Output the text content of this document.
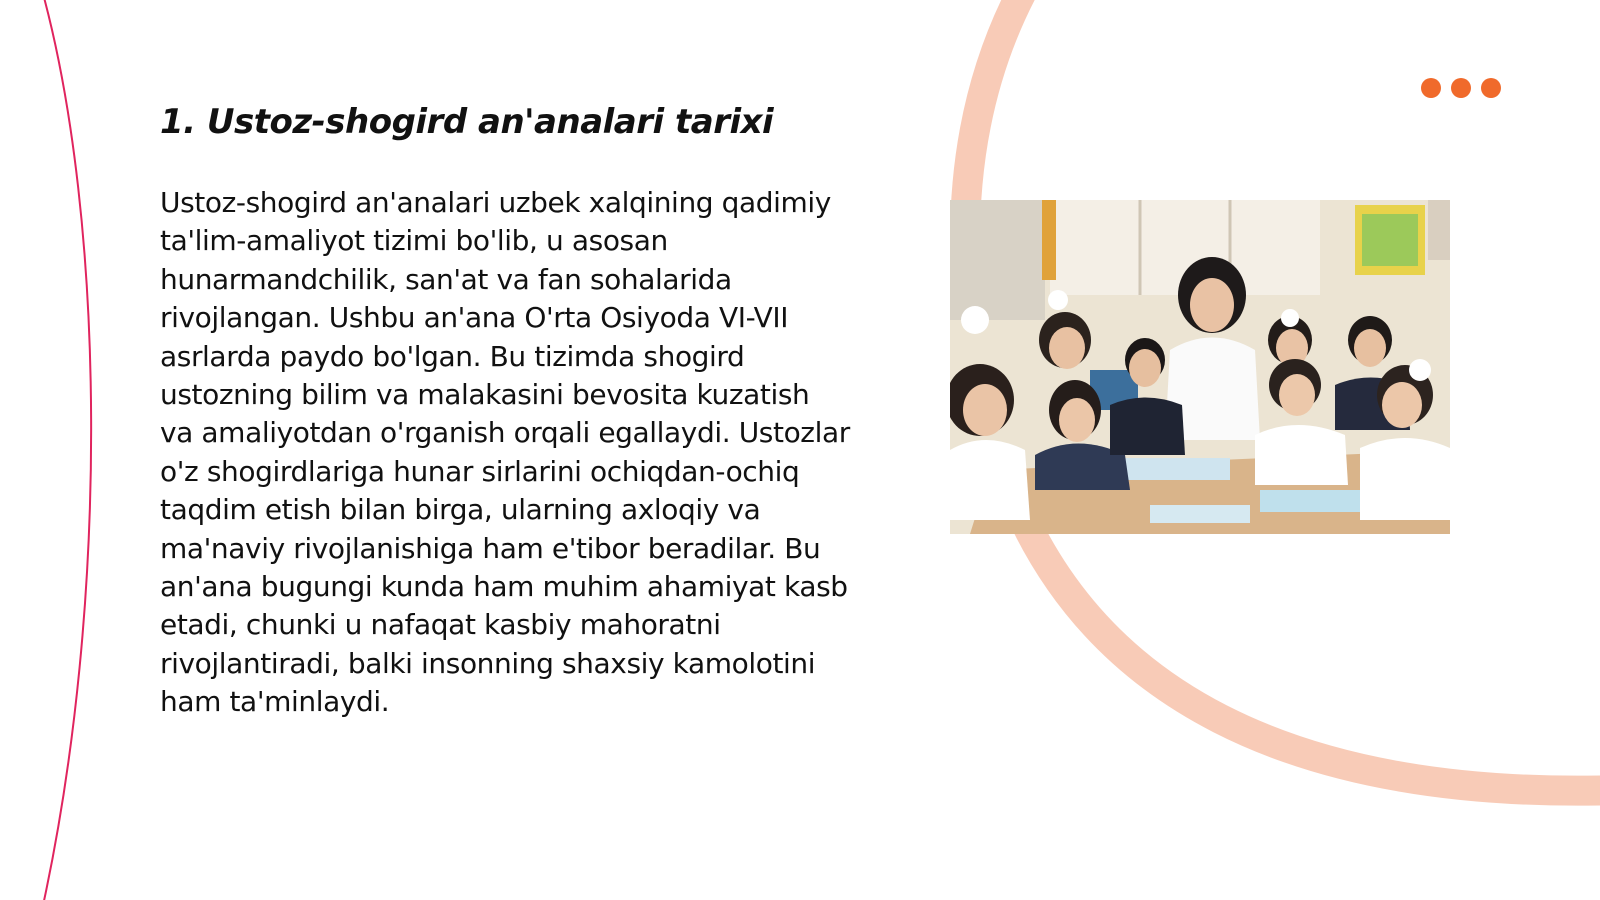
1. Ustoz-shogird an'analari tarixi

Ustoz-shogird an'analari uzbek xalqining qadimiy ta'lim-amaliyot tizimi bo'lib, u asosan hunarmandchilik, san'at va fan sohalarida rivojlangan. Ushbu an'ana O'rta Osiyoda VI-VII asrlarda paydo bo'lgan. Bu tizimda shogird ustozning bilim va malakasini bevosita kuzatish va amaliyotdan o'rganish orqali egallaydi. Ustozlar o'z shogirdlariga hunar sirlarini ochiqdan-ochiq taqdim etish bilan birga, ularning axloqiy va ma'naviy rivojlanishiga ham e'tibor beradilar. Bu an'ana bugungi kunda ham muhim ahamiyat kasb etadi, chunki u nafaqat kasbiy mahoratni rivojlantiradi, balki insonning shaxsiy kamolotini ham ta'minlaydi.
